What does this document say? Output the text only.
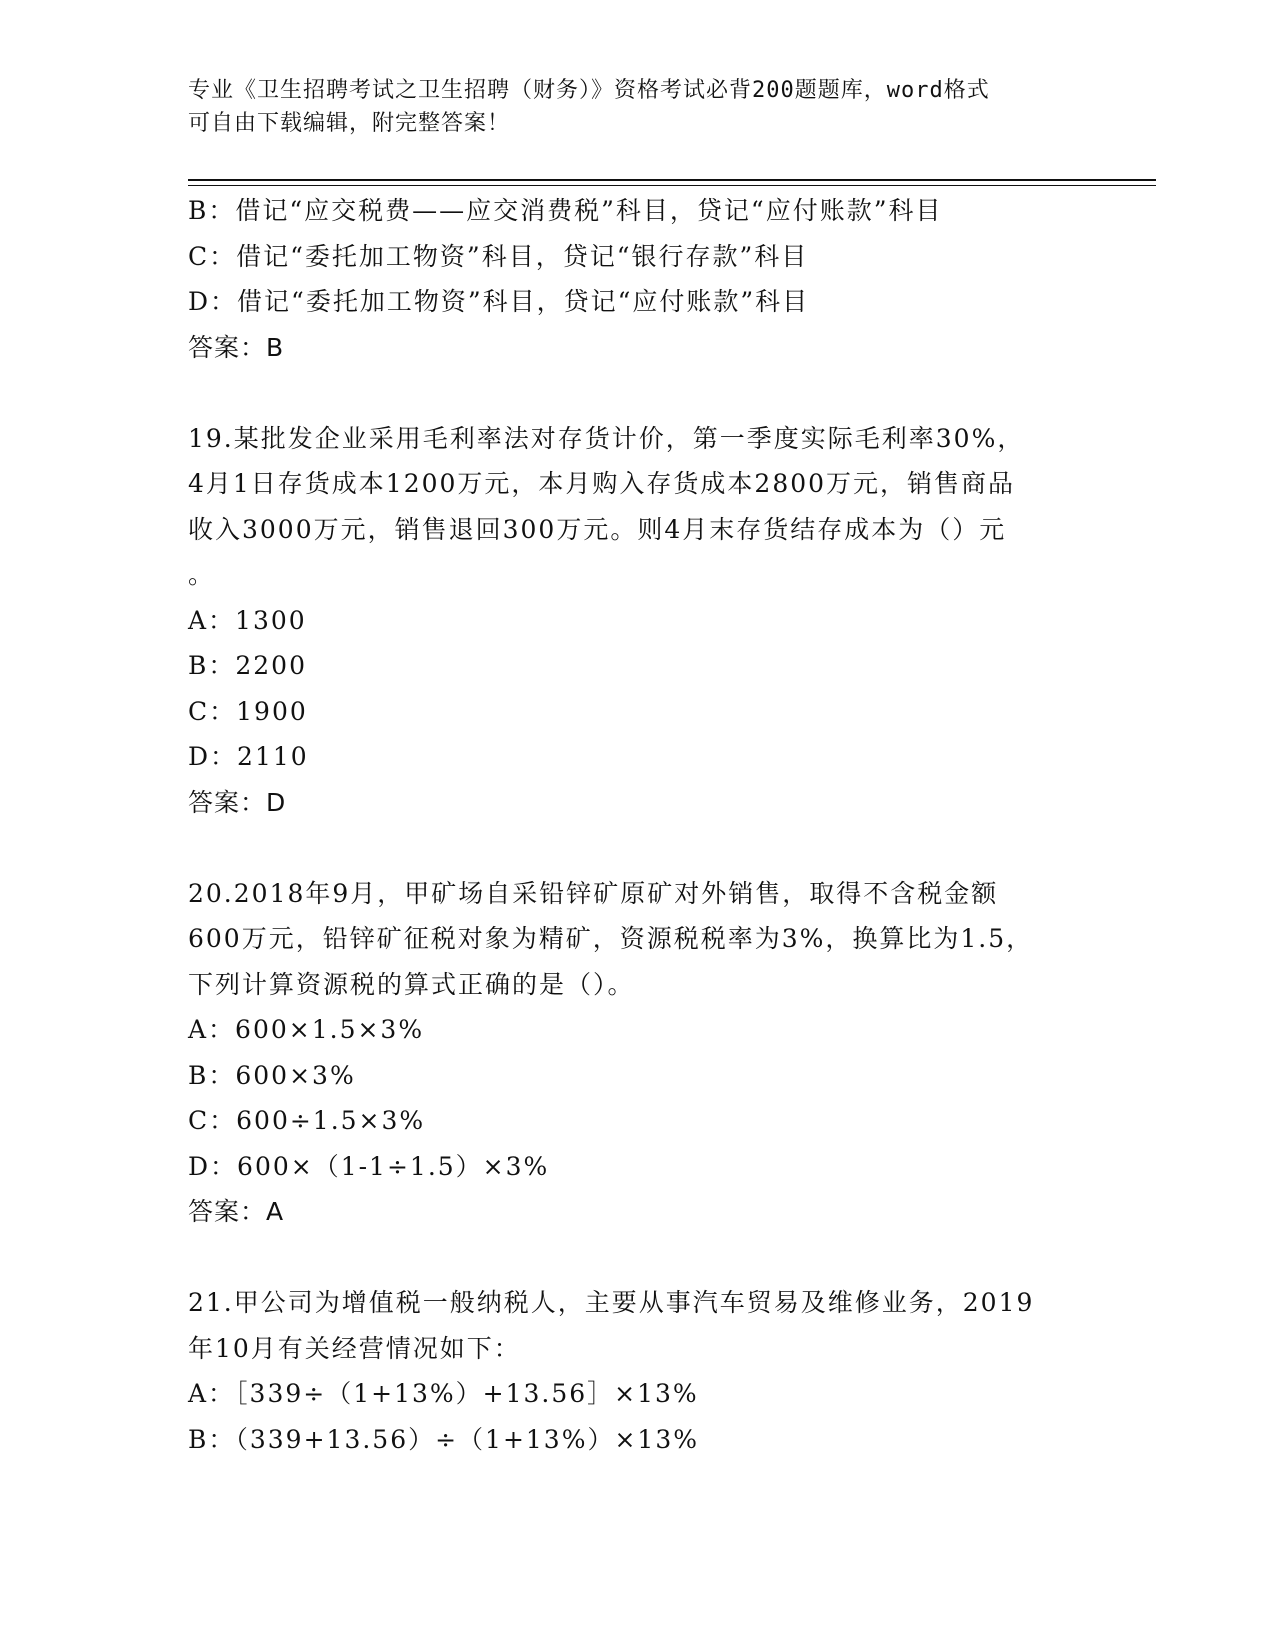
专业《卫生招聘考试之卫生招聘（财务）》资格考试必背200题题库，word格式
可自由下载编辑，附完整答案！
B：借记“应交税费——应交消费税”科目，贷记“应付账款”科目
C：借记“委托加工物资”科目，贷记“银行存款”科目
D：借记“委托加工物资”科目，贷记“应付账款”科目
答案：B
19.某批发企业采用毛利率法对存货计价，第一季度实际毛利率30%，
4月1日存货成本1200万元，本月购入存货成本2800万元，销售商品
收入3000万元，销售退回300万元。则4月末存货结存成本为（）元
。
A：1300
B：2200
C：1900
D：2110
答案：D
20.2018年9月，甲矿场自采铅锌矿原矿对外销售，取得不含税金额
600万元，铅锌矿征税对象为精矿，资源税税率为3%，换算比为1.5，
下列计算资源税的算式正确的是（）。
A：600×1.5×3%
B：600×3%
C：600÷1.5×3%
D：600×（1-1÷1.5）×3%
答案：A
21.甲公司为增值税一般纳税人，主要从事汽车贸易及维修业务，2019
年10月有关经营情况如下：
A：［339÷（1+13%）+13.56］×13%
B：（339+13.56）÷（1+13%）×13%
